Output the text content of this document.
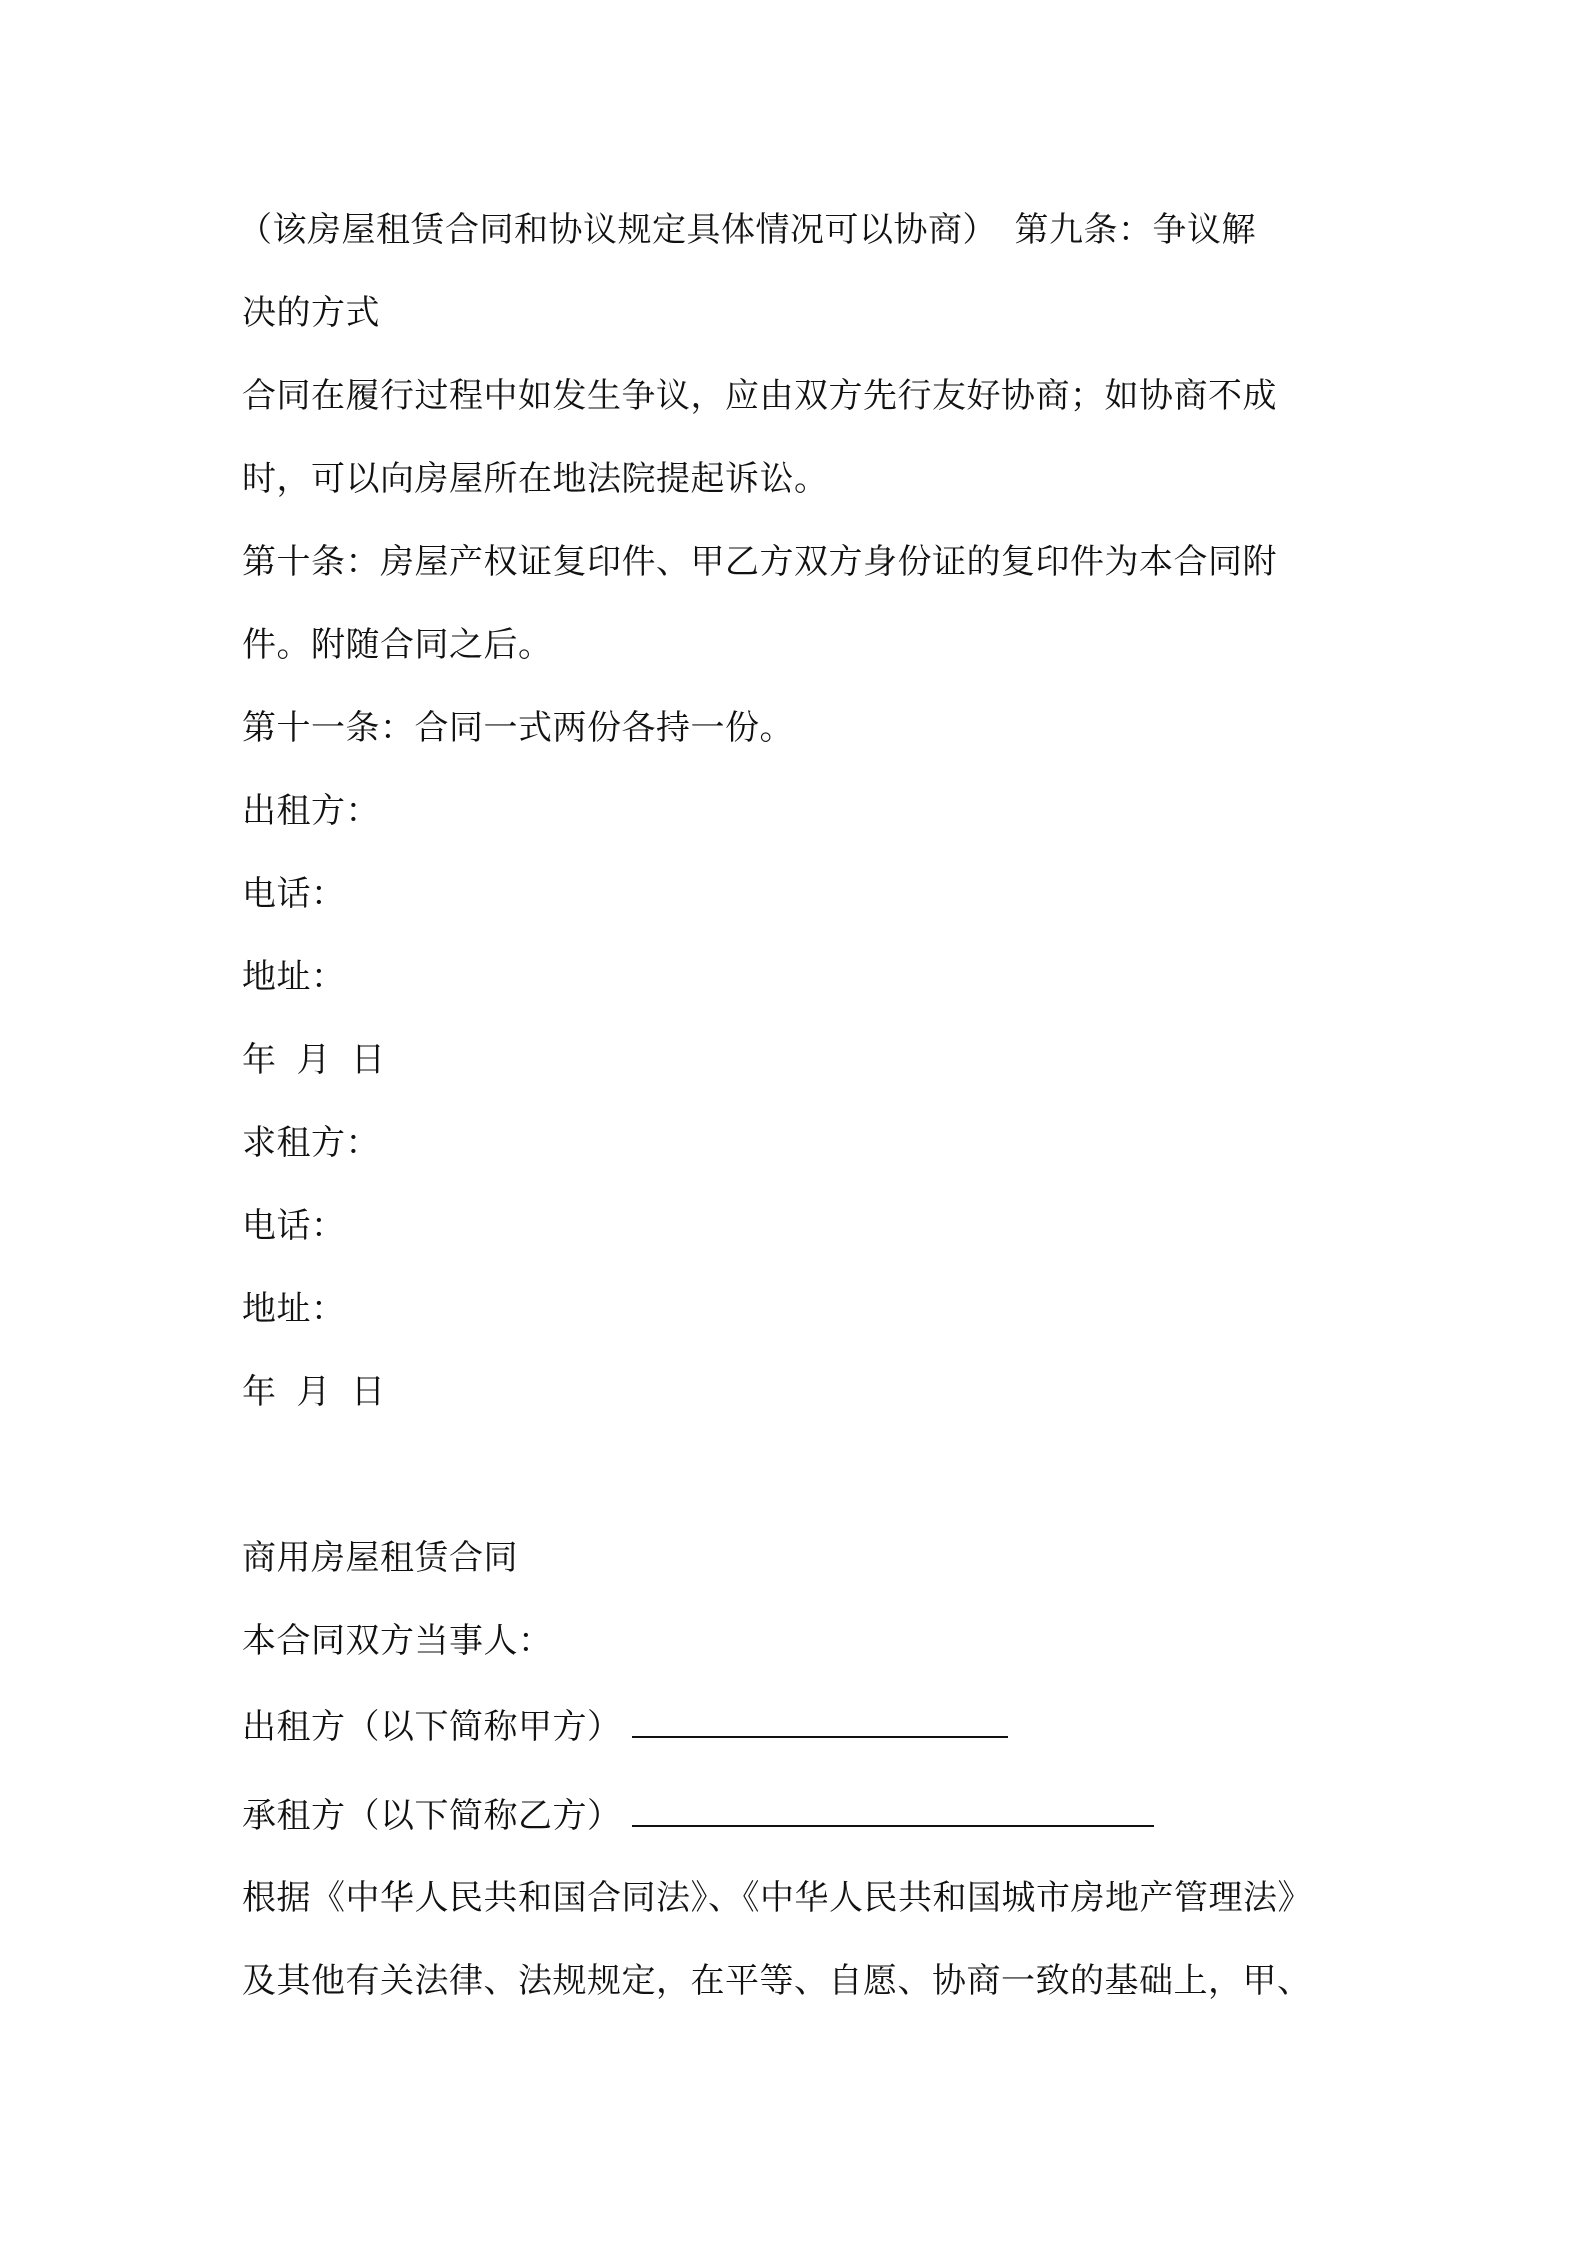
（该房屋租赁合同和协议规定具体情况可以协商）　第九条：争议解
决的方式
合同在履行过程中如发生争议，应由双方先行友好协商；如协商不成
时，可以向房屋所在地法院提起诉讼。
第十条：房屋产权证复印件、甲乙方双方身份证的复印件为本合同附
件。附随合同之后。
第十一条：合同一式两份各持一份。
出租方：
电话：
地址：
年 月 日
求租方：
电话：
地址：
年 月 日
商用房屋租赁合同
本合同双方当事人：
出租方（以下简称甲方）
承租方（以下简称乙方）
根据《中华人民共和国合同法》、《中华人民共和国城市房地产管理法》
及其他有关法律、法规规定，在平等、自愿、协商一致的基础上，甲、
